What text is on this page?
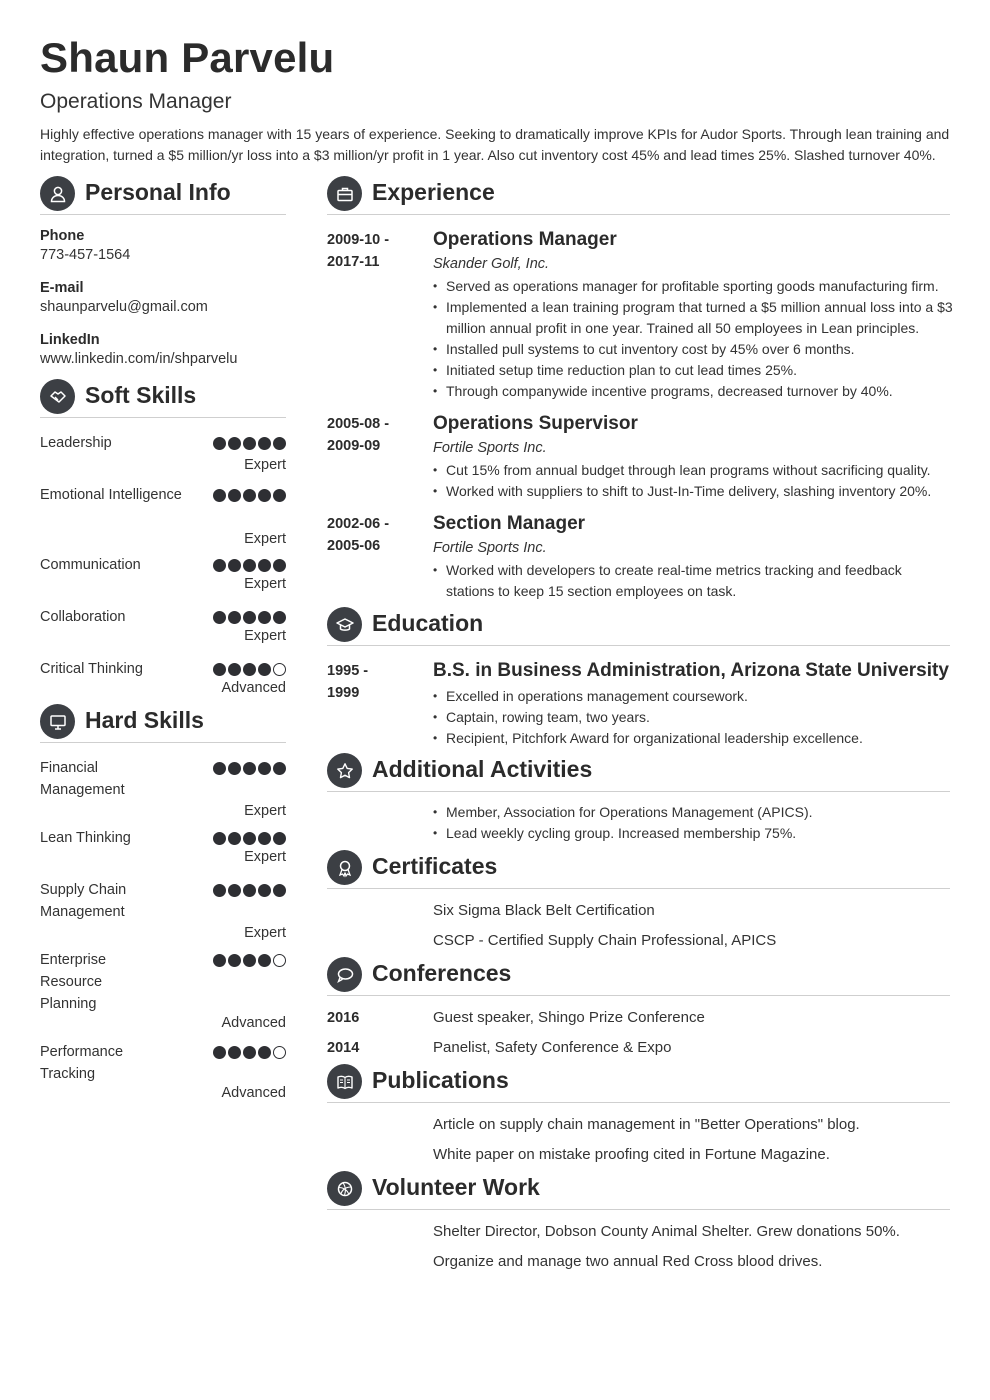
Shaun Parvelu
Operations Manager
Highly effective operations manager with 15 years of experience. Seeking to dramatically improve KPIs for Audor Sports. Through lean training and integration, turned a $5 million/yr loss into a $3 million/yr profit in 1 year. Also cut inventory cost 45% and lead times 25%. Slashed turnover 40%.
Personal Info
Phone
773-457-1564
E-mail
shaunparvelu@gmail.com
LinkedIn
www.linkedin.com/in/shparvelu
Soft Skills
Leadership
Expert
Emotional Intelligence
Expert
Communication
Expert
Collaboration
Expert
Critical Thinking
Advanced
Hard Skills
Financial Management
Expert
Lean Thinking
Expert
Supply Chain Management
Expert
Enterprise Resource Planning
Advanced
Performance Tracking
Advanced
Experience
2009-10 -
2017-11
Operations Manager
Skander Golf, Inc.
• Served as operations manager for profitable sporting goods manufacturing firm.
• Implemented a lean training program that turned a $5 million annual loss into a $3 million annual profit in one year. Trained all 50 employees in Lean principles.
• Installed pull systems to cut inventory cost by 45% over 6 months.
• Initiated setup time reduction plan to cut lead times 25%.
• Through companywide incentive programs, decreased turnover by 40%.
2005-08 -
2009-09
Operations Supervisor
Fortile Sports Inc.
• Cut 15% from annual budget through lean programs without sacrificing quality.
• Worked with suppliers to shift to Just-In-Time delivery, slashing inventory 20%.
2002-06 -
2005-06
Section Manager
Fortile Sports Inc.
• Worked with developers to create real-time metrics tracking and feedback stations to keep 15 section employees on task.
Education
1995 -
1999
B.S. in Business Administration, Arizona State University
• Excelled in operations management coursework.
• Captain, rowing team, two years.
• Recipient, Pitchfork Award for organizational leadership excellence.
Additional Activities
• Member, Association for Operations Management (APICS).
• Lead weekly cycling group. Increased membership 75%.
Certificates
Six Sigma Black Belt Certification
CSCP - Certified Supply Chain Professional, APICS
Conferences
2016	Guest speaker, Shingo Prize Conference
2014	Panelist, Safety Conference & Expo
Publications
Article on supply chain management in "Better Operations" blog.
White paper on mistake proofing cited in Fortune Magazine.
Volunteer Work
Shelter Director, Dobson County Animal Shelter. Grew donations 50%.
Organize and manage two annual Red Cross blood drives.
